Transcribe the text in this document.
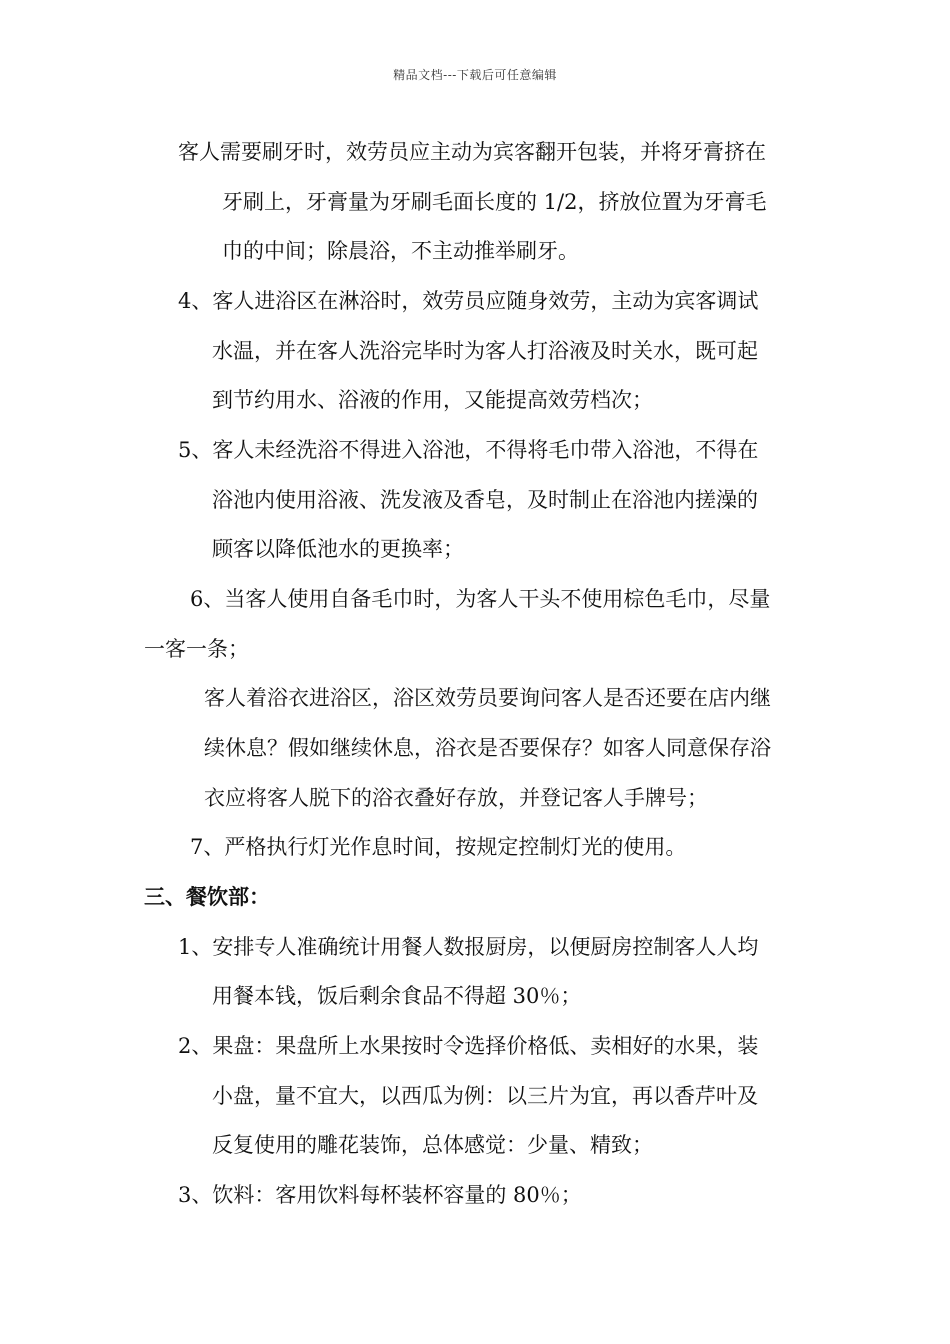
精品文档---下载后可任意编辑
客人需要刷牙时，效劳员应主动为宾客翻开包装，并将牙膏挤在
牙刷上，牙膏量为牙刷毛面长度的 1/2，挤放位置为牙膏毛
巾的中间；除晨浴，不主动推举刷牙。
4、客人进浴区在淋浴时，效劳员应随身效劳，主动为宾客调试
水温，并在客人洗浴完毕时为客人打浴液及时关水，既可起
到节约用水、浴液的作用，又能提高效劳档次；
5、客人未经洗浴不得进入浴池，不得将毛巾带入浴池，不得在
浴池内使用浴液、洗发液及香皂，及时制止在浴池内搓澡的
顾客以降低池水的更换率；
6、当客人使用自备毛巾时，为客人干头不使用棕色毛巾，尽量
一客一条；
客人着浴衣进浴区，浴区效劳员要询问客人是否还要在店内继
续休息？假如继续休息，浴衣是否要保存？如客人同意保存浴
衣应将客人脱下的浴衣叠好存放，并登记客人手牌号；
7、严格执行灯光作息时间，按规定控制灯光的使用。
三、餐饮部：
1、安排专人准确统计用餐人数报厨房，以便厨房控制客人人均
用餐本钱，饭后剩余食品不得超 30％；
2、果盘：果盘所上水果按时令选择价格低、卖相好的水果，装
小盘，量不宜大，以西瓜为例：以三片为宜，再以香芹叶及
反复使用的雕花装饰，总体感觉：少量、精致；
3、饮料：客用饮料每杯装杯容量的 80％；
